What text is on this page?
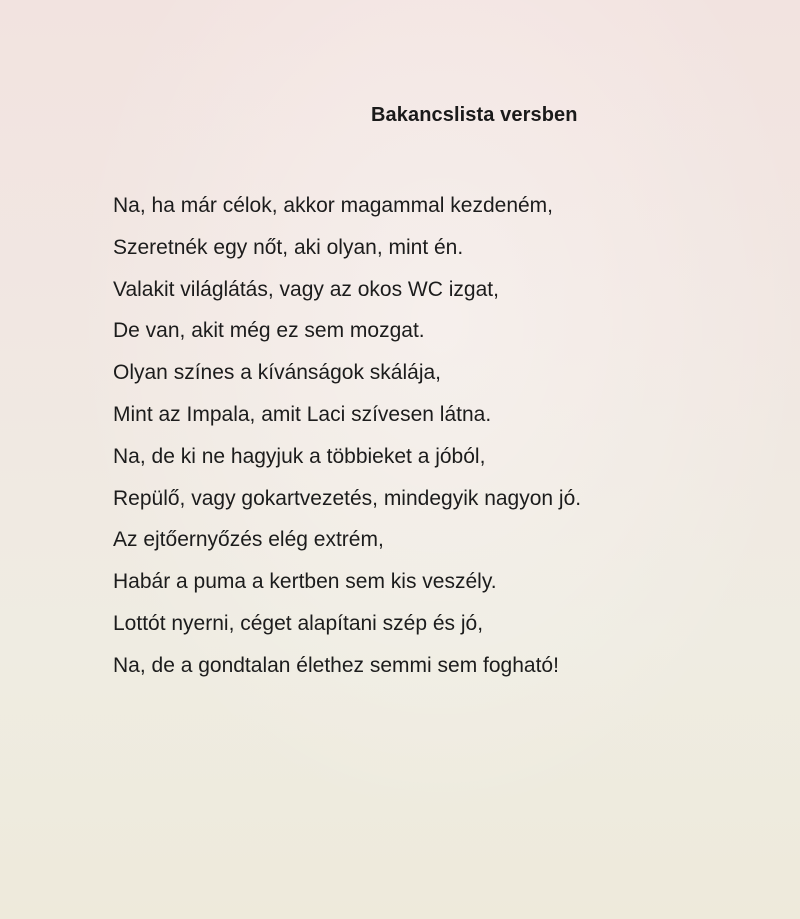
Bakancslista versben
Na, ha már célok, akkor magammal kezdeném,
Szeretnék egy nőt, aki olyan, mint én.
Valakit világlátás, vagy az okos WC izgat,
De van, akit még ez sem mozgat.
Olyan színes a kívánságok skálája,
Mint az Impala, amit Laci szívesen látna.
Na, de ki ne hagyjuk a többieket a jóból,
Repülő, vagy gokartvezetés, mindegyik nagyon jó.
Az ejtőernyőzés elég extrém,
Habár a puma a kertben sem kis veszély.
Lottót nyerni, céget alapítani szép és jó,
Na, de a gondtalan élethez semmi sem fogható!
